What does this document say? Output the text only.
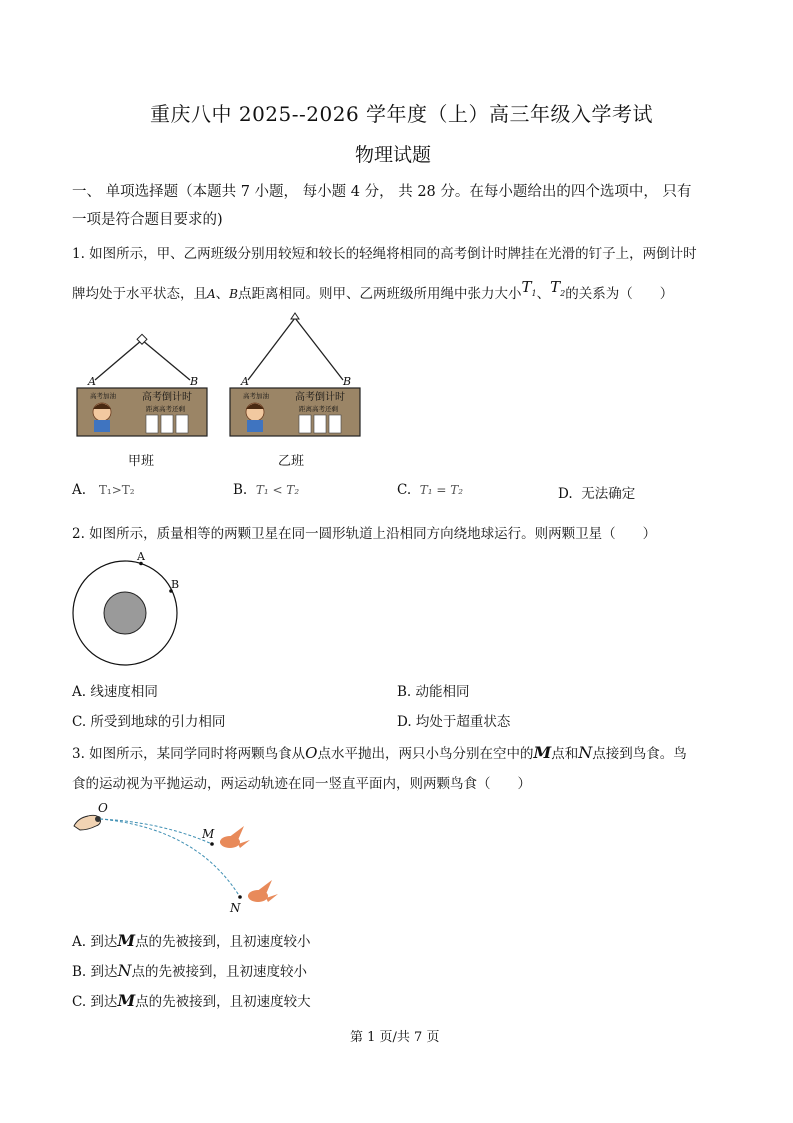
重庆八中 2025--2026 学年度（上）高三年级入学考试
物理试题
一、 单项选择题（本题共 7 小题， 每小题 4 分， 共 28 分。在每小题给出的四个选项中， 只有
一项是符合题目要求的)
1. 如图所示，甲、乙两班级分别用较短和较长的轻绳将相同的高考倒计时牌挂在光滑的钉子上，两倒计时
牌均处于水平状态，且A、B点距离相同。则甲、乙两班级所用绳中张力大小$T_1$、$T_2$的关系为（　　）
高考加油	高考倒计时
距离高考还剩
A	B
甲班
高考加油	高考倒计时
距离高考还剩
A	B
乙班
A. T₁>T₂	B. T₁ < T₂	C. T₁ = T₂	D. 无法确定
2. 如图所示，质量相等的两颗卫星在同一圆形轨道上沿相同方向绕地球运行。则两颗卫星（　　）
A
B
A. 线速度相同	B. 动能相同
C. 所受到地球的引力相同	D. 均处于超重状态
3. 如图所示，某同学同时将两颗鸟食从O点水平抛出，两只小鸟分别在空中的M点和N点接到鸟食。鸟
食的运动视为平抛运动，两运动轨迹在同一竖直平面内，则两颗鸟食（　　）
O
M
N
A. 到达M点的先被接到，且初速度较小
B. 到达N点的先被接到，且初速度较小
C. 到达M点的先被接到，且初速度较大
第 1 页/共 7 页
